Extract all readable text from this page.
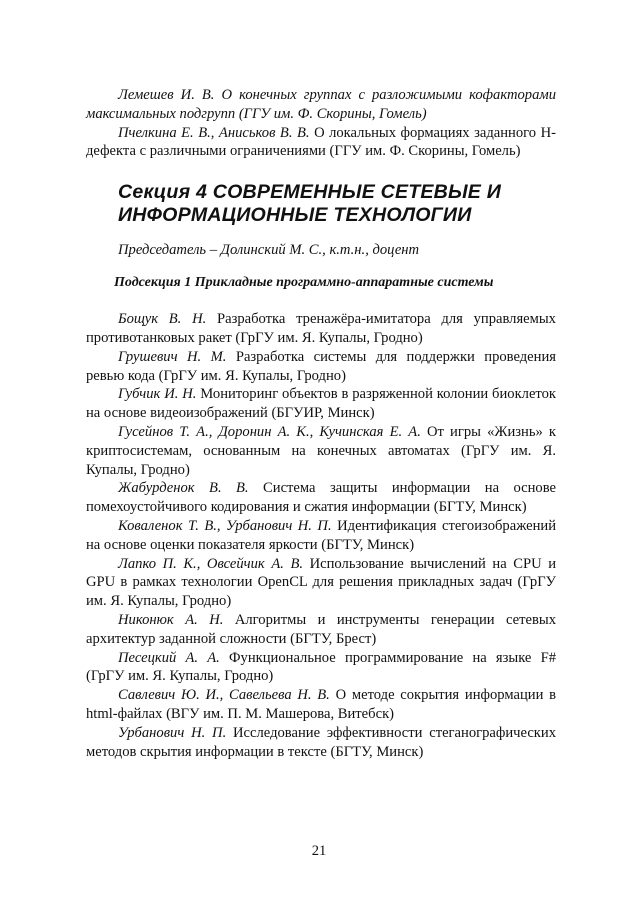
Лемешев И. В. О конечных группах с разложимыми кофакторами максимальных подгрупп (ГГУ им. Ф. Скорины, Гомель)

Пчелкина Е. В., Аниськов В. В. О локальных формациях заданного Н-дефекта с различными ограничениями (ГГУ им. Ф. Скорины, Гомель)

Секция 4 СОВРЕМЕННЫЕ СЕТЕВЫЕ И
ИНФОРМАЦИОННЫЕ ТЕХНОЛОГИИ
Председатель – Долинский М. С., к.т.н., доцент
Подсекция 1 Прикладные программно-аппаратные системы

Бощук В. Н. Разработка тренажёра-имитатора для управляемых противотанковых ракет (ГрГУ им. Я. Купалы, Гродно)

Грушевич Н. М. Разработка системы для поддержки проведения ревью кода (ГрГУ им. Я. Купалы, Гродно)

Губчик И. Н. Мониторинг объектов в разряженной колонии биоклеток на основе видеоизображений (БГУИР, Минск)

Гусейнов Т. А., Доронин А. К., Кучинская Е. А. От игры «Жизнь» к криптосистемам, основанным на конечных автоматах (ГрГУ им. Я. Купалы, Гродно)

Жабурденок В. В. Система защиты информации на основе помехоустойчивого кодирования и сжатия информации (БГТУ, Минск)

Коваленок Т. В., Урбанович Н. П. Идентификация стегоизображений на основе оценки показателя яркости (БГТУ, Минск)

Лапко П. К., Овсейчик А. В. Использование вычислений на CPU и GPU в рамках технологии OpenCL для решения прикладных задач (ГрГУ им. Я. Купалы, Гродно)

Никонюк А. Н. Алгоритмы и инструменты генерации сетевых архитектур заданной сложности (БГТУ, Брест)

Песецкий А. А. Функциональное программирование на языке F# (ГрГУ им. Я. Купалы, Гродно)

Савлевич Ю. И., Савельева Н. В. О методе сокрытия информации в html-файлах (ВГУ им. П. М. Машерова, Витебск)

Урбанович Н. П. Исследование эффективности стеганографических методов скрытия информации в тексте (БГТУ, Минск)

21
